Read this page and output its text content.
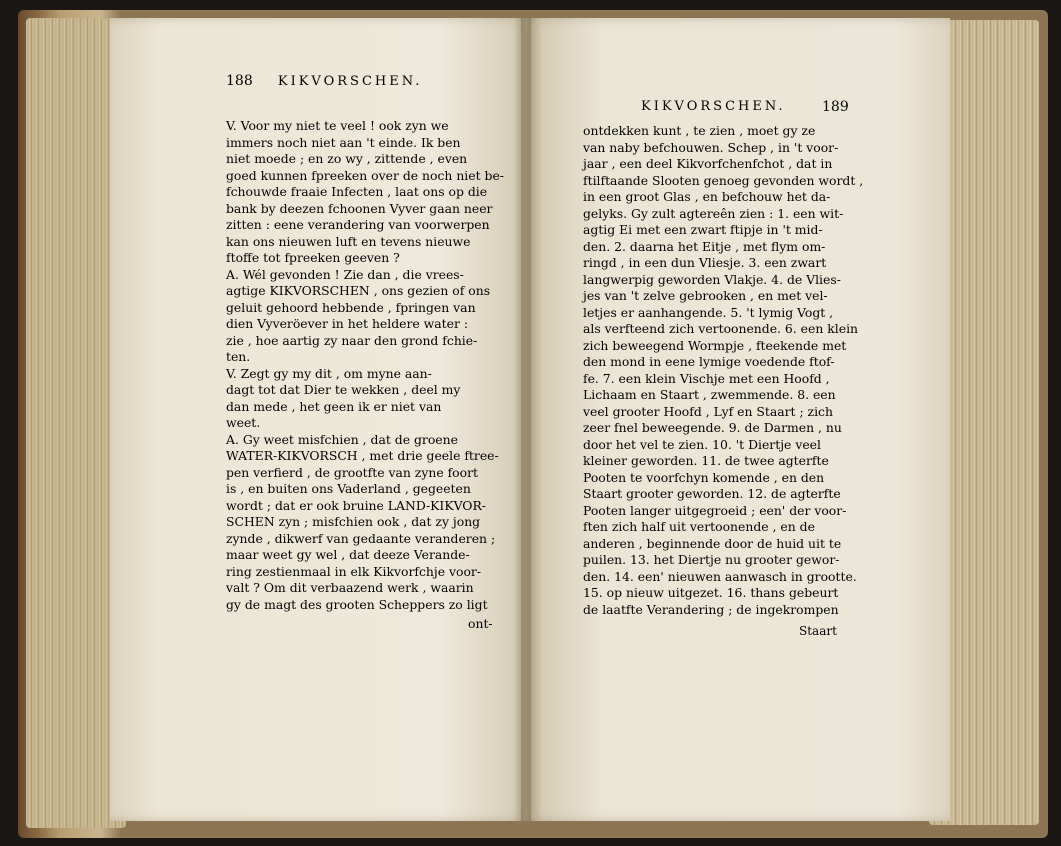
188 KIKVORSCHEN.
KIKVORSCHEN.	189
V. Voor my niet te veel ! ook zyn we
immers noch niet aan 't einde. Ik ben
niet moede ; en zo wy , zittende , even
goed kunnen fpreeken over de noch niet be-
fchouwde fraaie Infecten , laat ons op die
bank by deezen fchoonen Vyver gaan neer
zitten : eene verandering van voorwerpen
kan ons nieuwen luft en tevens nieuwe
ftoffe tot fpreeken geeven ?
A. Wél gevonden ! Zie dan , die vrees-
agtige KIKVORSCHEN , ons gezien of ons
geluit gehoord hebbende , fpringen van
dien Vyveröever in het heldere water :
zie , hoe aartig zy naar den grond fchie-
ten.
V. Zegt gy my dit , om myne aan-
dagt tot dat Dier te wekken , deel my
dan mede , het geen ik er niet van
weet.
A. Gy weet misfchien , dat de groene
WATER-KIKVORSCH , met drie geele ftree-
pen verfierd , de grootfte van zyne foort
is , en buiten ons Vaderland , gegeeten
wordt ; dat er ook bruine LAND-KIKVOR-
SCHEN zyn ; misfchien ook , dat zy jong
zynde , dikwerf van gedaante veranderen ;
maar weet gy wel , dat deeze Verande-
ring zestienmaal in elk Kikvorfchje voor-
valt ? Om dit verbaazend werk , waarin
gy de magt des grooten Scheppers zo ligt
ont-
ontdekken kunt , te zien , moet gy ze
van naby befchouwen. Schep , in 't voor-
jaar , een deel Kikvorfchenfchot , dat in
ftilftaande Slooten genoeg gevonden wordt ,
in een groot Glas , en befchouw het da-
gelyks. Gy zult agtereên zien : 1. een wit-
agtig Ei met een zwart ftipje in 't mid-
den. 2. daarna het Eitje , met flym om-
ringd , in een dun Vliesje. 3. een zwart
langwerpig geworden Vlakje. 4. de Vlies-
jes van 't zelve gebrooken , en met vel-
letjes er aanhangende. 5. 't lymig Vogt ,
als verfteend zich vertoonende. 6. een klein
zich beweegend Wormpje , fteekende met
den mond in eene lymige voedende ftof-
fe. 7. een klein Vischje met een Hoofd ,
Lichaam en Staart , zwemmende. 8. een
veel grooter Hoofd , Lyf en Staart ; zich
zeer fnel beweegende. 9. de Darmen , nu
door het vel te zien. 10. 't Diertje veel
kleiner geworden. 11. de twee agterfte
Pooten te voorfchyn komende , en den
Staart grooter geworden. 12. de agterfte
Pooten langer uitgegroeid ; een' der voor-
ften zich half uit vertoonende , en de
anderen , beginnende door de huid uit te
puilen. 13. het Diertje nu grooter gewor-
den. 14. een' nieuwen aanwasch in grootte.
15. op nieuw uitgezet. 16. thans gebeurt
de laatfte Verandering ; de ingekrompen
Staart
